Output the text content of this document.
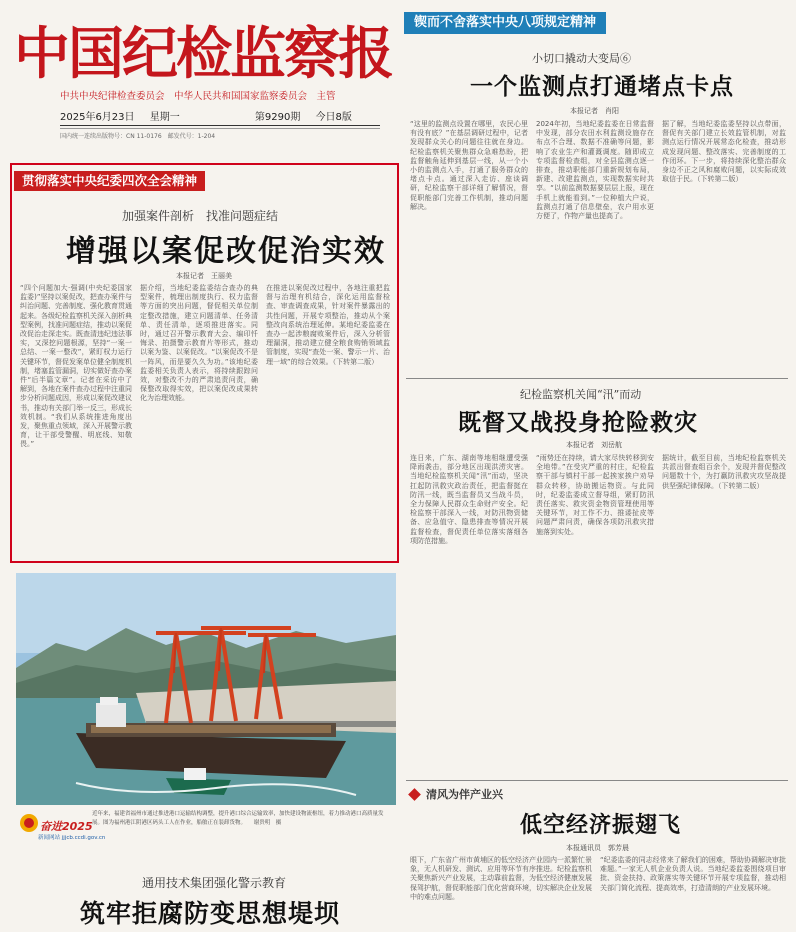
中国纪检监察报
中共中央纪律检查委员会　中华人民共和国国家监察委员会　主管
2025年6月23日 星期一	第9290期 今日8版
国内统一连续出版物号：CN 11-0176　邮发代号：1-204
贯彻落实中央纪委四次全会精神
加强案件剖析　找准问题症结
增强以案促改促治实效
本报记者　王丽美
“四个问题加大·强调(中央纪委国家监委)”坚持以案促改，把查办案件与纠治问题、完善制度、强化教育贯通起来。各级纪检监察机关深入剖析典型案例，找准问题症结，推动以案促改促治走深走实。既查清违纪违法事实，又深挖问题根源，坚持“一案一总结、一案一整改”，紧盯权力运行关键环节，督促发案单位健全制度机制，堵塞监管漏洞，切实做好查办案件“后半篇文章”。记者在采访中了解到，各地在案件查办过程中注重同步分析问题成因，形成以案促改建议书，推动有关部门举一反三，形成长效机制。“我们从系统推进角度出发，聚焦重点领域，深入开展警示教育，让干部受警醒、明底线、知敬畏。”
据介绍，当地纪委监委结合查办的典型案件，梳理出制度执行、权力监督等方面的突出问题，督促相关单位制定整改措施，建立问题清单、任务清单、责任清单，逐项推进落实。同时，通过召开警示教育大会、编印忏悔录、拍摄警示教育片等形式，推动以案为鉴、以案促改。“以案促改不是一阵风，而是要久久为功。”该地纪委监委相关负责人表示，将持续跟踪问效，对整改不力的严肃追责问责，确保整改取得实效，把以案促改成果转化为治理效能。
在推进以案促改过程中，各地注重把监督与治理有机结合，深化运用监督检查、审查调查成果，针对案件暴露出的共性问题，开展专项整治，推动从个案整改向系统治理延伸。某地纪委监委在查办一起涉粮腐败案件后，深入分析管理漏洞，推动建立健全粮食购销领域监管制度，实现“查处一案、警示一片、治理一域”的综合效果。（下转第二版）
奋进2025
新闻网站 jjjcb.ccdi.gov.cn
近年来，福建省福州市通过推进港口运输结构调整，提升港口综合运输效率，加快建设物流枢纽，着力推动港口高质量发展。图为福州港江阴港区码头工人在作业，船舶正在装卸货物。 谢贵明　摄
通用技术集团强化警示教育
筑牢拒腐防变思想堤坝
锲而不舍落实中央八项规定精神
小切口撬动大变局⑥
一个监测点打通堵点卡点
本报记者　肖阳
“这里的监测点设置在哪里，农民心里有没有底？”在基层调研过程中，记者发现群众关心的问题往往就在身边。纪检监察机关聚焦群众急难愁盼，把监督触角延伸到基层一线，从一个小小的监测点入手，打通了服务群众的堵点卡点。通过深入走访、座谈调研，纪检监察干部详细了解情况，督促职能部门完善工作机制，推动问题解决。
2024年初，当地纪委监委在日常监督中发现，部分农田水利监测设施存在布点不合理、数据不准确等问题，影响了农业生产和灌溉调度。随即成立专项监督检查组，对全县监测点逐一排查，推动职能部门重新规划布局，新建、改建监测点，实现数据实时共享。“以前监测数据要层层上报，现在手机上就能看到。”一位种植大户说，监测点打通了信息壁垒，农户用水更方便了，作物产量也提高了。
据了解，当地纪委监委坚持以点带面，督促有关部门建立长效监管机制，对监测点运行情况开展常态化检查，推动形成发现问题、整改落实、完善制度的工作闭环。下一步，将持续深化整治群众身边不正之风和腐败问题，以实际成效取信于民。（下转第二版）
纪检监察机关闻“汛”而动
既督又战投身抢险救灾
本报记者　刘岳航
连日来，广东、湖南等地相继遭受强降雨袭击，部分地区出现洪涝灾害。当地纪检监察机关闻“汛”而动，坚决扛起防汛救灾政治责任，把监督挺在防汛一线，既当监督员又当战斗员，全力保障人民群众生命财产安全。纪检监察干部深入一线，对防汛物资储备、应急值守、隐患排查等情况开展监督检查，督促责任单位落实落细各项防范措施。
“雨势还在持续，请大家尽快转移到安全地带。”在受灾严重的村庄，纪检监察干部与镇村干部一起挨家挨户劝导群众转移，协助搬运物资。与此同时，纪委监委成立督导组，紧盯防汛责任落实、救灾资金物资管理使用等关键环节，对工作不力、推诿扯皮等问题严肃问责，确保各项防汛救灾措施落到实处。
据统计，截至目前，当地纪检监察机关共派出督查组百余个，发现并督促整改问题数十个，为打赢防汛救灾攻坚战提供坚强纪律保障。（下转第二版）
清风为伴产业兴
低空经济振翅飞
本报通讯员　郭芳晨
眼下，广东省广州市黄埔区的低空经济产业园内一派繁忙景象，无人机研发、测试、应用等环节有序推进。纪检监察机关聚焦新兴产业发展，主动靠前监督，为低空经济健康发展保驾护航，督促职能部门优化营商环境，切实解决企业发展中的难点问题。
“纪委监委的同志经常来了解我们的困难，帮助协调解决审批难题。”一家无人机企业负责人说。当地纪委监委围绕项目审批、资金扶持、政策落实等关键环节开展专项监督，推动相关部门简化流程、提高效率，打造清朗的产业发展环境。
